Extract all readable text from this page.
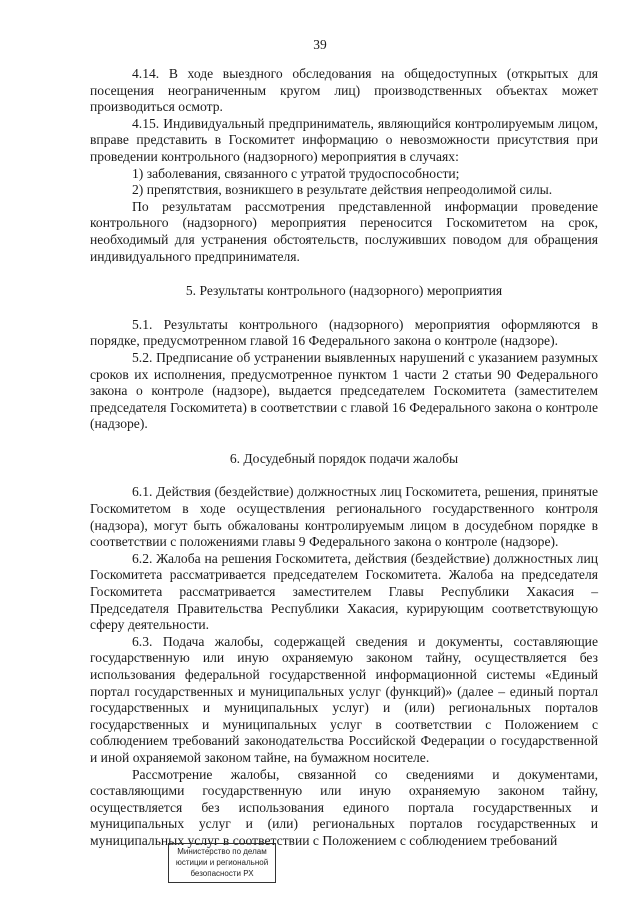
39

4.14. В ходе выездного обследования на общедоступных (открытых для посещения неограниченным кругом лиц) производственных объектах может производиться осмотр.

4.15. Индивидуальный предприниматель, являющийся контролируемым лицом, вправе представить в Госкомитет информацию о невозможности присутствия при проведении контрольного (надзорного) мероприятия в случаях:

1) заболевания, связанного с утратой трудоспособности;

2) препятствия, возникшего в результате действия непреодолимой силы.

По результатам рассмотрения представленной информации проведение контрольного (надзорного) мероприятия переносится Госкомитетом на срок, необходимый для устранения обстоятельств, послуживших поводом для обращения индивидуального предпринимателя.

5. Результаты контрольного (надзорного) мероприятия

5.1. Результаты контрольного (надзорного) мероприятия оформляются в порядке, предусмотренном главой 16 Федерального закона о контроле (надзоре).

5.2. Предписание об устранении выявленных нарушений с указанием разумных сроков их исполнения, предусмотренное пунктом 1 части 2 статьи 90 Федерального закона о контроле (надзоре), выдается председателем Госкомитета (заместителем председателя Госкомитета) в соответствии с главой 16 Федерального закона о контроле (надзоре).

6. Досудебный порядок подачи жалобы

6.1. Действия (бездействие) должностных лиц Госкомитета, решения, принятые Госкомитетом в ходе осуществления регионального государственного контроля (надзора), могут быть обжалованы контролируемым лицом в досудебном порядке в соответствии с положениями главы 9 Федерального закона о контроле (надзоре).

6.2. Жалоба на решения Госкомитета, действия (бездействие) должностных лиц Госкомитета рассматривается председателем Госкомитета. Жалоба на председателя Госкомитета рассматривается заместителем Главы Республики Хакасия – Председателя Правительства Республики Хакасия, курирующим соответствующую сферу деятельности.

6.3. Подача жалобы, содержащей сведения и документы, составляющие государственную или иную охраняемую законом тайну, осуществляется без использования федеральной государственной информационной системы «Единый портал государственных и муниципальных услуг (функций)» (далее – единый портал государственных и муниципальных услуг) и (или) региональных порталов государственных и муниципальных услуг в соответствии с Положением с соблюдением требований законодательства Российской Федерации о государственной и иной охраняемой законом тайне, на бумажном носителе.

Рассмотрение жалобы, связанной со сведениями и документами, составляющими государственную или иную охраняемую законом тайну, осуществляется без использования единого портала государственных и муниципальных услуг и (или) региональных порталов государственных и муниципальных услуг в соответствии с Положением с соблюдением требований

Министерство по делам
юстиции и региональной
безопасности РХ
